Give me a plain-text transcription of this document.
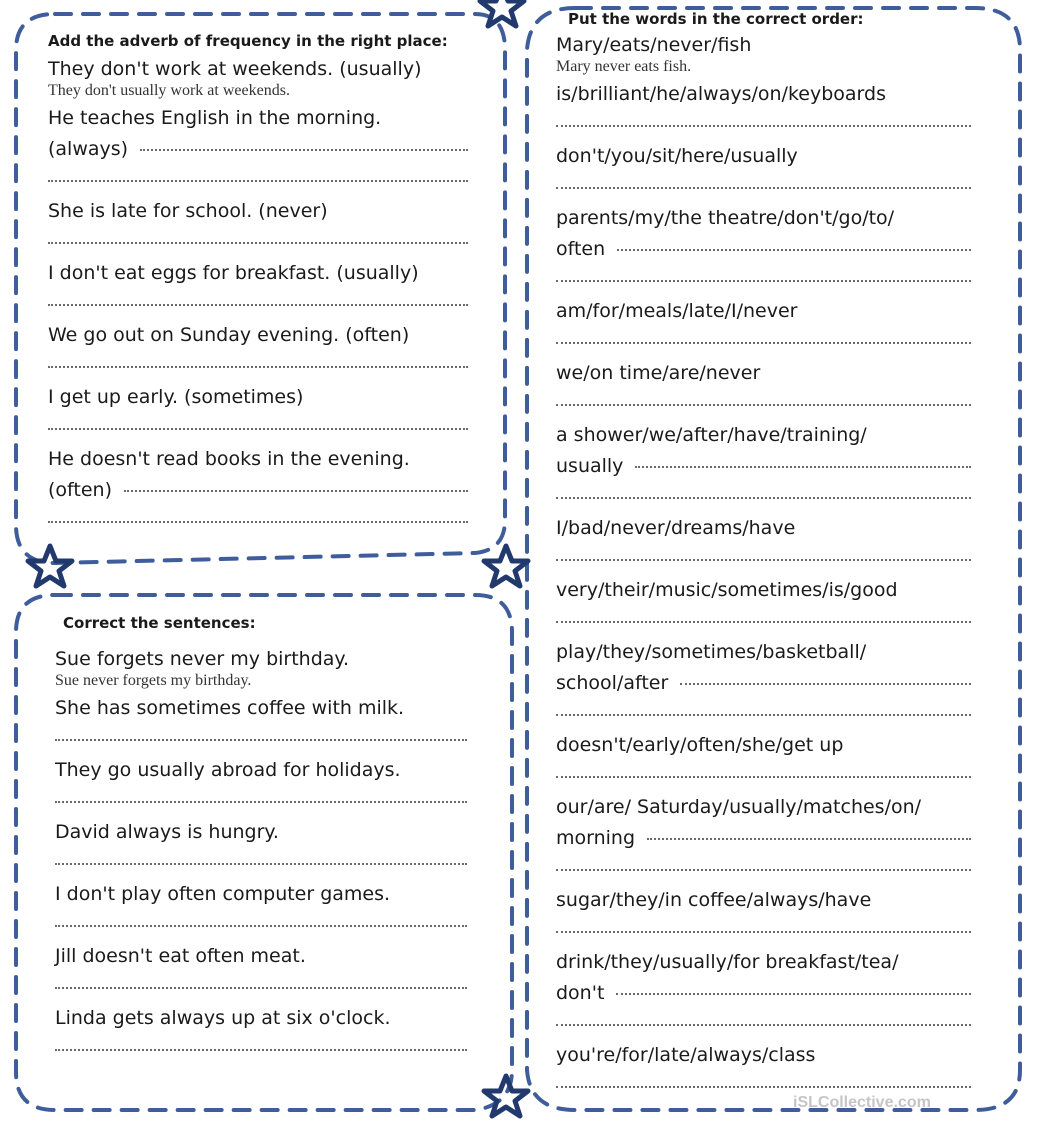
Add the adverb of frequency in the right place:
They don't work at weekends. (usually)
They don't usually work at weekends.
He teaches English in the morning.
(always)
She is late for school. (never)
I don't eat eggs for breakfast. (usually)
We go out on Sunday evening. (often)
I get up early. (sometimes)
He doesn't read books in the evening.
(often)
Correct the sentences:
Sue forgets never my birthday.
Sue never forgets my birthday.
She has sometimes coffee with milk.
They go usually abroad for holidays.
David always is hungry.
I don't play often computer games.
Jill doesn't eat often meat.
Linda gets always up at six o'clock.
Put the words in the correct order:
Mary/eats/never/fish
Mary never eats fish.
is/brilliant/he/always/on/keyboards
don't/you/sit/here/usually
parents/my/the theatre/don't/go/to/
often
am/for/meals/late/I/never
we/on time/are/never
a shower/we/after/have/training/
usually
I/bad/never/dreams/have
very/their/music/sometimes/is/good
play/they/sometimes/basketball/
school/after
doesn't/early/often/she/get up
our/are/ Saturday/usually/matches/on/
morning
sugar/they/in coffee/always/have
drink/they/usually/for breakfast/tea/
don't
you're/for/late/always/class
iSLCollective.com
